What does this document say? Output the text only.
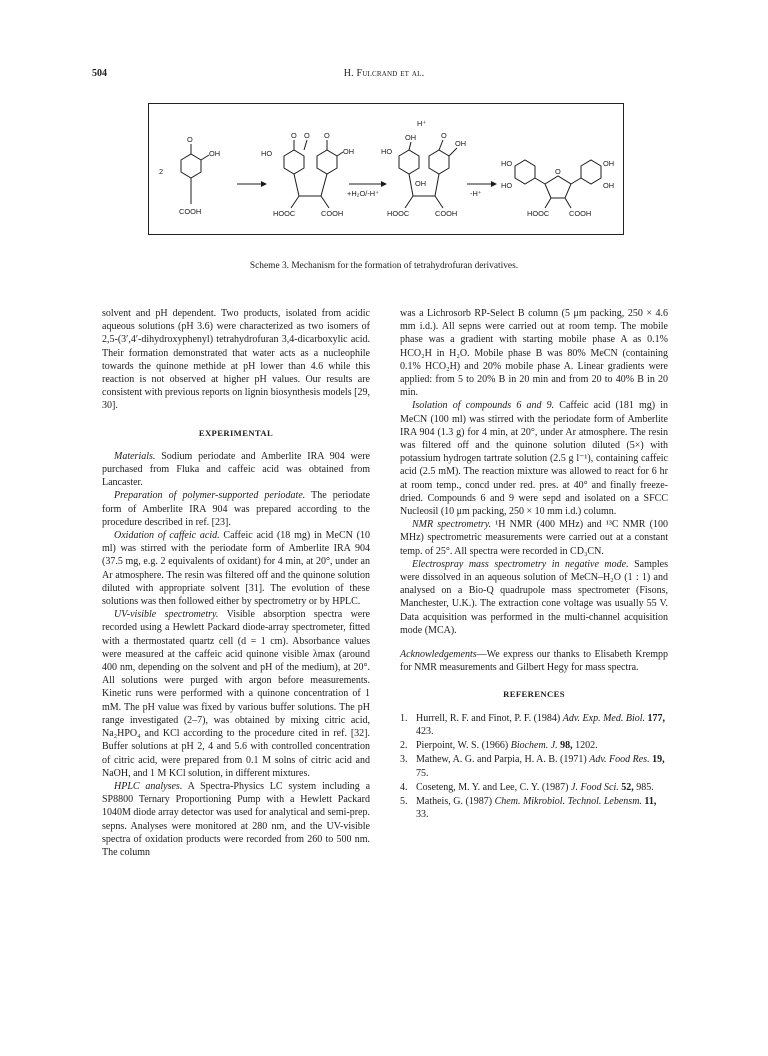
504	H. Fulcrand et al.
2
O
OH
COOH
HO
O O O
OH
HOOC	COOH
+H₂O/-H⁺
H⁺
HO
OH	O
OH
OH
HOOC	COOH
-H⁺
HO
HO
O
OH
OH
HOOC	COOH
Scheme 3. Mechanism for the formation of tetrahydrofuran derivatives.

solvent and pH dependent. Two products, isolated from acidic aqueous solutions (pH 3.6) were characterized as two isomers of 2,5-(3′,4′-dihydroxyphenyl) tetrahydrofuran 3,4-dicarboxylic acid. Their formation demonstrated that water acts as a nucleophile towards the quinone methide at pH lower than 4.6 while this reaction is not observed at higher pH values. Our results are consistent with previous reports on lignin biosynthesis models [29, 30].

EXPERIMENTAL

Materials. Sodium periodate and Amberlite IRA 904 were purchased from Fluka and caffeic acid was obtained from Lancaster.

Preparation of polymer-supported periodate. The periodate form of Amberlite IRA 904 was prepared according to the procedure described in ref. [23].

Oxidation of caffeic acid. Caffeic acid (18 mg) in MeCN (10 ml) was stirred with the periodate form of Amberlite IRA 904 (37.5 mg, e.g. 2 equivalents of oxidant) for 4 min, at 20°, under an Ar atmosphere. The resin was filtered off and the quinone solution diluted with appropriate solvent [31]. The evolution of these solutions was then followed either by spectrometry or by HPLC.

UV-visible spectrometry. Visible absorption spectra were recorded using a Hewlett Packard diode-array spectrometer, fitted with a thermostated quartz cell (d = 1 cm). Absorbance values were measured at the caffeic acid quinone visible λmax (around 400 nm, depending on the solvent and pH of the medium), at 20°. All solutions were purged with argon before measurements. Kinetic runs were performed with a quinone concentration of 1 mM. The pH value was fixed by various buffer solutions. The pH range investigated (2–7), was obtained by mixing citric acid, Na₂HPO₄ and KCl according to the procedure cited in ref. [32]. Buffer solutions at pH 2, 4 and 5.6 with controlled concentration of citric acid, were prepared from 0.1 M solns of citric acid and NaOH, and 1 M KCl solution, in different mixtures.

HPLC analyses. A Spectra-Physics LC system including a SP8800 Ternary Proportioning Pump with a Hewlett Packard 1040M diode array detector was used for analytical and semi-prep. sepns. Analyses were monitored at 280 nm, and the UV-visible spectra of oxidation products were recorded from 260 to 500 nm. The column

was a Lichrosorb RP-Select B column (5 μm packing, 250 × 4.6 mm i.d.). All sepns were carried out at room temp. The mobile phase was a gradient with starting mobile phase A as 0.1% HCO₂H in H₂O. Mobile phase B was 80% MeCN (containing 0.1% HCO₂H) and 20% mobile phase A. Linear gradients were applied: from 5 to 20% B in 20 min and from 20 to 40% B in 20 min.

Isolation of compounds 6 and 9. Caffeic acid (181 mg) in MeCN (100 ml) was stirred with the periodate form of Amberlite IRA 904 (1.3 g) for 4 min, at 20°, under Ar atmosphere. The resin was filtered off and the quinone solution diluted (5×) with potassium hydrogen tartrate solution (2.5 g l⁻¹), containing caffeic acid (2.5 mM). The reaction mixture was allowed to react for 6 hr at room temp., concd under red. pres. at 40° and finally freeze-dried. Compounds 6 and 9 were sepd and isolated on a SFCC Nucleosil (10 μm packing, 250 × 10 mm i.d.) column.

NMR spectrometry. ¹H NMR (400 MHz) and ¹³C NMR (100 MHz) spectrometric measurements were carried out at a constant temp. of 25°. All spectra were recorded in CD₃CN.

Electrospray mass spectrometry in negative mode. Samples were dissolved in an aqueous solution of MeCN–H₂O (1 : 1) and analysed on a Bio-Q quadrupole mass spectrometer (Fisons, Manchester, U.K.). The extraction cone voltage was usually 55 V. Data acquisition was performed in the multi-channel acquisition mode (MCA).

Acknowledgements—We express our thanks to Elisabeth Krempp for NMR measurements and Gilbert Hegy for mass spectra.

REFERENCES
1. Hurrell, R. F. and Finot, P. F. (1984) Adv. Exp. Med. Biol. 177, 423.
2. Pierpoint, W. S. (1966) Biochem. J. 98, 1202.
3. Mathew, A. G. and Parpia, H. A. B. (1971) Adv. Food Res. 19, 75.
4. Coseteng, M. Y. and Lee, C. Y. (1987) J. Food Sci. 52, 985.
5. Matheis, G. (1987) Chem. Mikrobiol. Technol. Lebensm. 11, 33.
